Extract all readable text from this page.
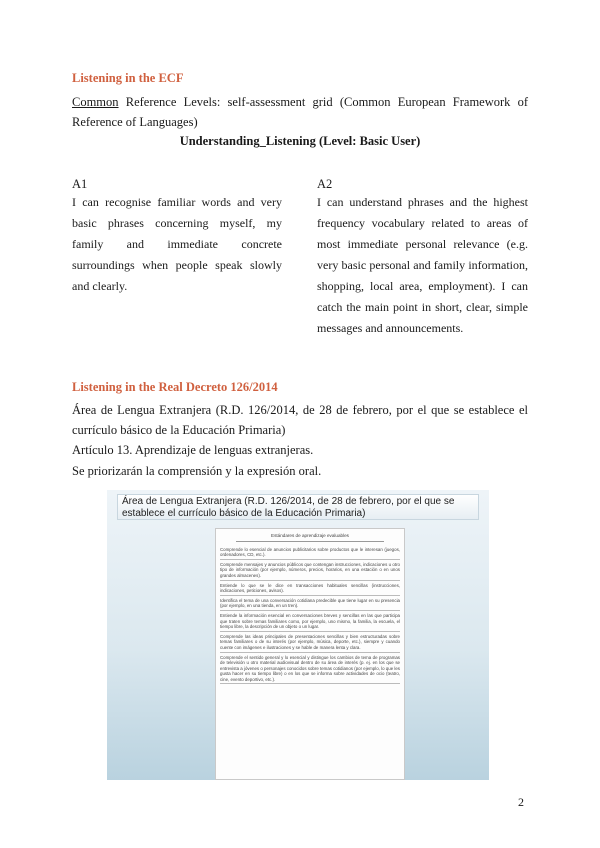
Listening in the ECF
Common Reference Levels: self-assessment grid (Common European Framework of Reference of Languages)
Understanding_Listening (Level: Basic User)
A1
I can recognise familiar words and very basic phrases concerning myself, my family and immediate concrete surroundings when people speak slowly and clearly.
A2
I can understand phrases and the highest frequency vocabulary related to areas of most immediate personal relevance (e.g. very basic personal and family information, shopping, local area, employment). I can catch the main point in short, clear, simple messages and announcements.
Listening in the Real Decreto 126/2014
Área de Lengua Extranjera (R.D. 126/2014, de 28 de febrero, por el que se establece el currículo básico de la Educación Primaria)
Artículo 13. Aprendizaje de lenguas extranjeras.
Se priorizarán la comprensión y la expresión oral.
Área de Lengua Extranjera (R.D. 126/2014, de 28 de febrero, por el que se establece el currículo básico de la Educación Primaria)
Estándares de aprendizaje evaluables
Comprende lo esencial de anuncios publicitarios sobre productos que le interesan (juegos, ordenadores, CD, etc.).
Comprende mensajes y anuncios públicos que contengan instrucciones, indicaciones u otro tipo de información (por ejemplo, números, precios, horarios, en una estación o en unos grandes almacenes).
Entiende lo que se le dice en transacciones habituales sencillas (instrucciones, indicaciones, peticiones, avisos).
Identifica el tema de una conversación cotidiana predecible que tiene lugar en su presencia (por ejemplo, en una tienda, en un tren).
Entiende la información esencial en conversaciones breves y sencillas en las que participa que traten sobre temas familiares como, por ejemplo, uno mismo, la familia, la escuela, el tiempo libre, la descripción de un objeto o un lugar.
Comprende las ideas principales de presentaciones sencillas y bien estructuradas sobre temas familiares o de su interés (por ejemplo, música, deporte, etc.), siempre y cuando cuente con imágenes e ilustraciones y se hable de manera lenta y clara.
Comprende el sentido general y lo esencial y distingue los cambios de tema de programas de televisión u otro material audiovisual dentro de su área de interés (p. ej. en los que se entrevista a jóvenes o personajes conocidos sobre temas cotidianos (por ejemplo, lo que les gusta hacer en su tiempo libre) o en los que se informa sobre actividades de ocio (teatro, cine, evento deportivo, etc.).
2
